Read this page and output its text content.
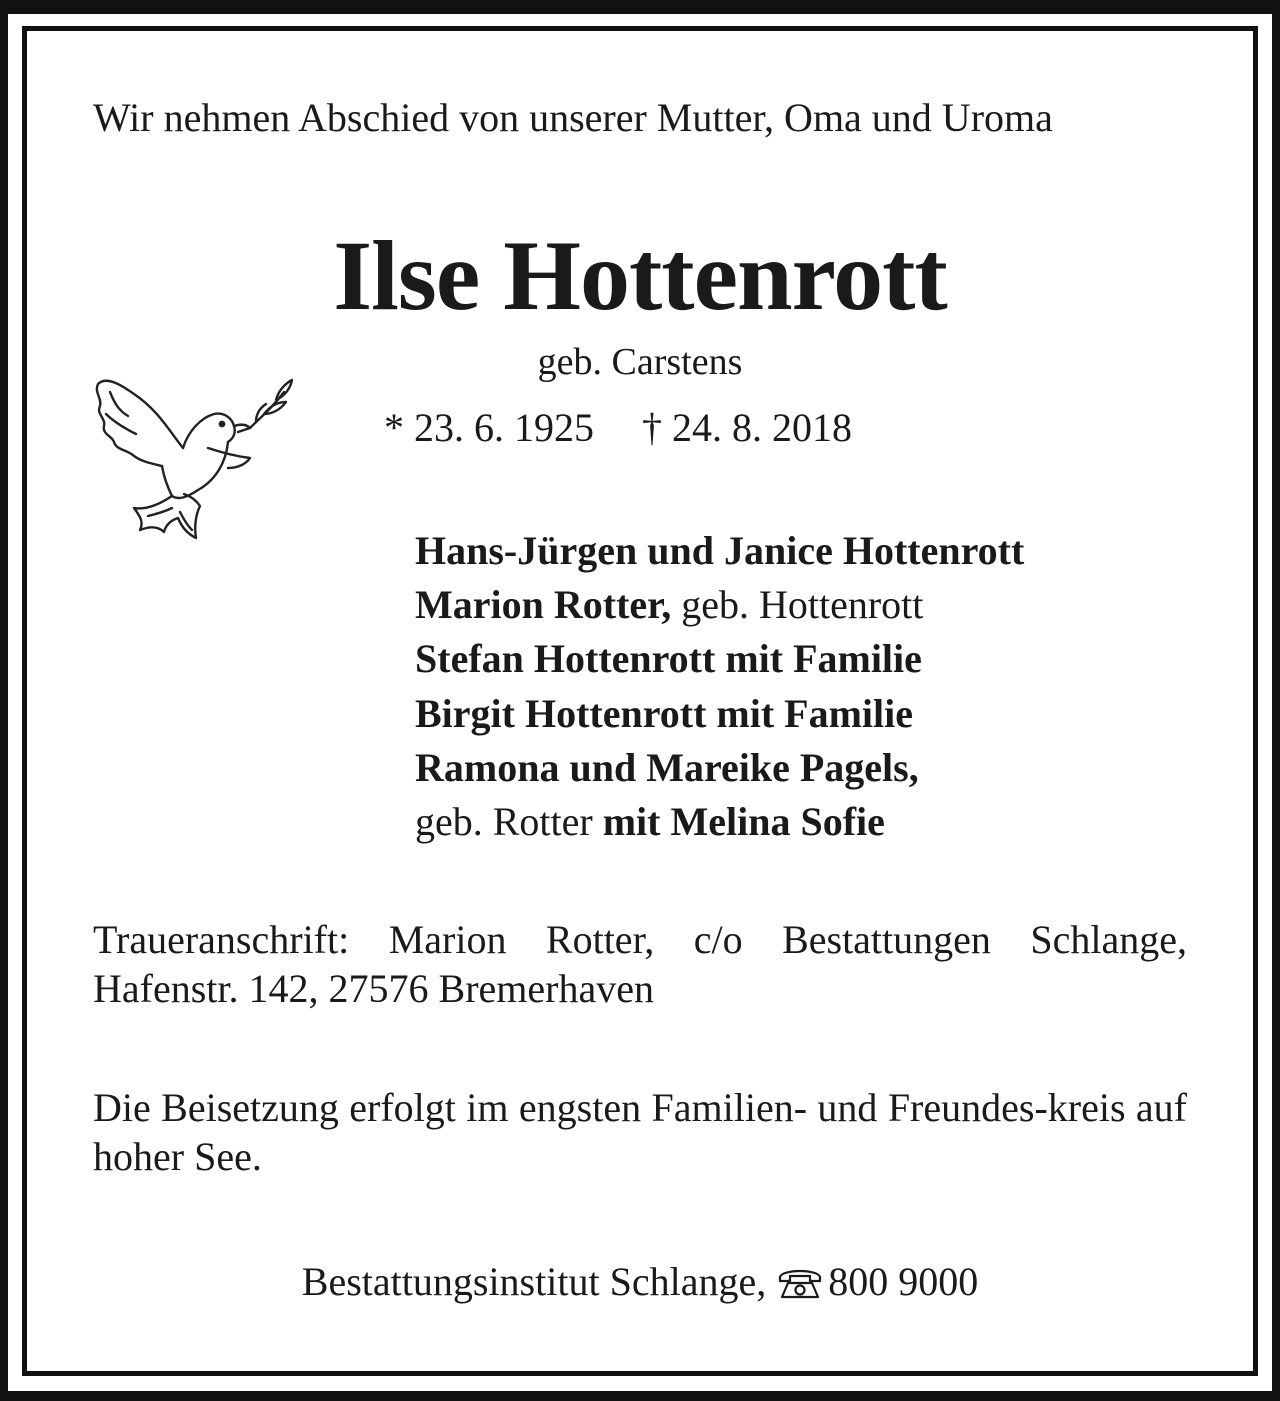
Wir nehmen Abschied von unserer Mutter, Oma und Uroma
Ilse Hottenrott
geb. Carstens
* 23. 6. 1925 † 24. 8. 2018
Hans-Jürgen und Janice Hottenrott
Marion Rotter, geb. Hottenrott
Stefan Hottenrott mit Familie
Birgit Hottenrott mit Familie
Ramona und Mareike Pagels,
geb. Rotter mit Melina Sofie
Traueranschrift: Marion Rotter, c/o Bestattungen Schlange, Hafenstr. 142, 27576 Bremerhaven
Die Beisetzung erfolgt im engsten Familien- und Freundes-kreis auf hoher See.
Bestattungsinstitut Schlange, 800 9000
